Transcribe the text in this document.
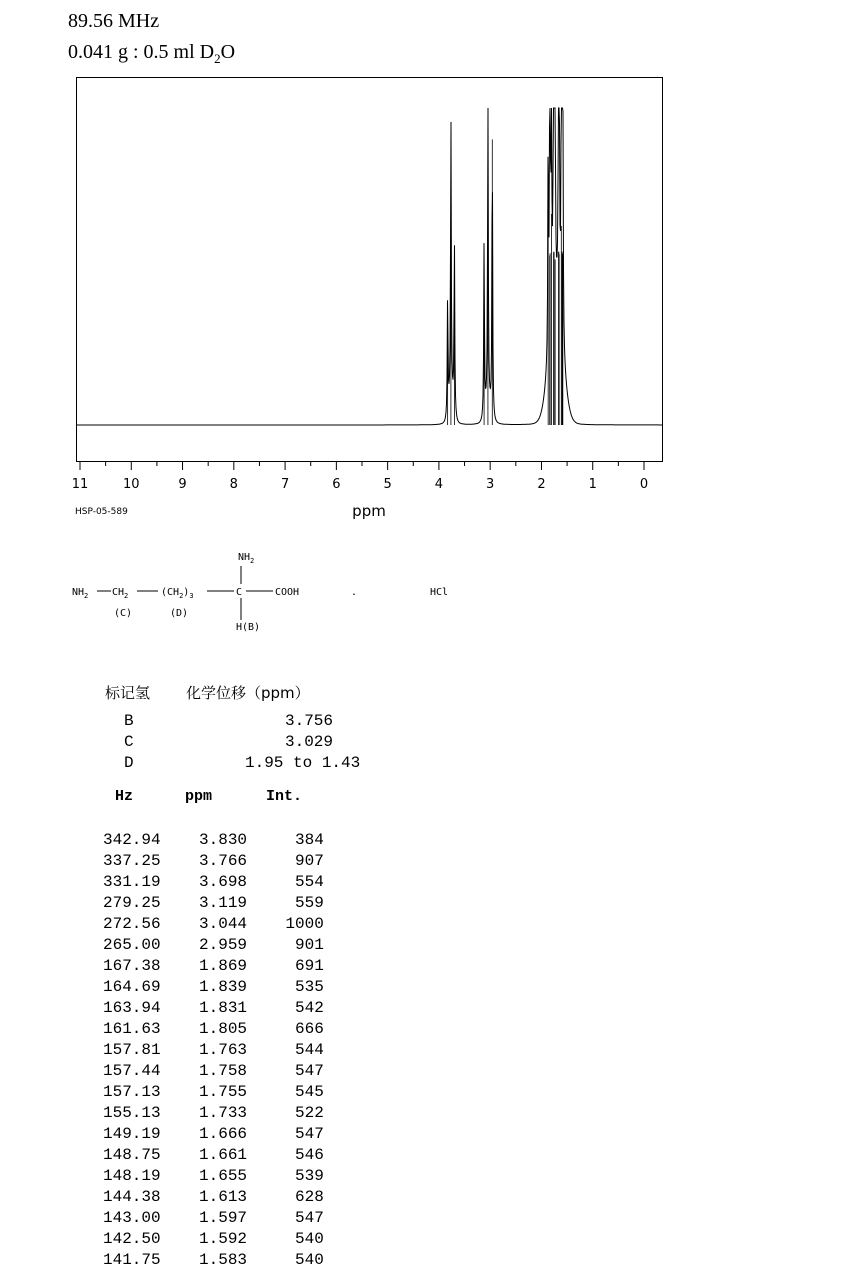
89.56 MHz
0.041 g : 0.5 ml $D_2O$
11	10	9	8	7	6	5	4	3	2	1	0
ppm
HSP-05-589
$NH_2$
$NH_2$ $CH_2$	$(CH_2)_3$	C	COOH
H(B)
(C)	(D)
.	HCl
标记氢 化学位移（ppm）
B	3.756
C	3.029
D	1.95 to 1.43
Hz	ppm	Int.
342.94    3.830     384
337.25    3.766     907
331.19    3.698     554
279.25    3.119     559
272.56    3.044    1000
265.00    2.959     901
167.38    1.869     691
164.69    1.839     535
163.94    1.831     542
161.63    1.805     666
157.81    1.763     544
157.44    1.758     547
157.13    1.755     545
155.13    1.733     522
149.19    1.666     547
148.75    1.661     546
148.19    1.655     539
144.38    1.613     628
143.00    1.597     547
142.50    1.592     540
141.75    1.583     540
